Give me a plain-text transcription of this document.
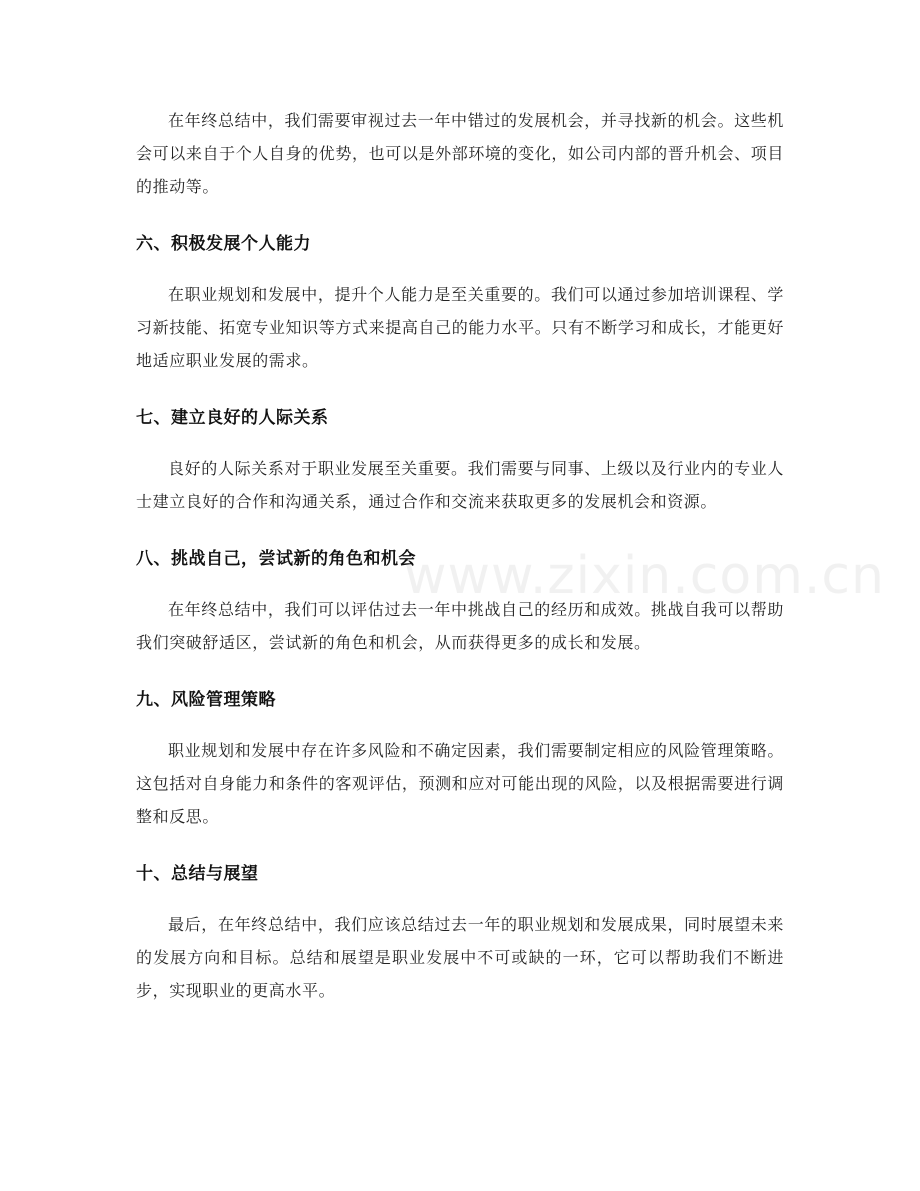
在年终总结中，我们需要审视过去一年中错过的发展机会，并寻找新的机会。这些机会可以来自于个人自身的优势，也可以是外部环境的变化，如公司内部的晋升机会、项目的推动等。

六、积极发展个人能力

在职业规划和发展中，提升个人能力是至关重要的。我们可以通过参加培训课程、学习新技能、拓宽专业知识等方式来提高自己的能力水平。只有不断学习和成长，才能更好地适应职业发展的需求。

七、建立良好的人际关系

良好的人际关系对于职业发展至关重要。我们需要与同事、上级以及行业内的专业人士建立良好的合作和沟通关系，通过合作和交流来获取更多的发展机会和资源。

八、挑战自己，尝试新的角色和机会

在年终总结中，我们可以评估过去一年中挑战自己的经历和成效。挑战自我可以帮助我们突破舒适区，尝试新的角色和机会，从而获得更多的成长和发展。

九、风险管理策略

职业规划和发展中存在许多风险和不确定因素，我们需要制定相应的风险管理策略。这包括对自身能力和条件的客观评估，预测和应对可能出现的风险，以及根据需要进行调整和反思。

十、总结与展望

最后，在年终总结中，我们应该总结过去一年的职业规划和发展成果，同时展望未来的发展方向和目标。总结和展望是职业发展中不可或缺的一环，它可以帮助我们不断进步，实现职业的更高水平。

www.zixin.com.cn
